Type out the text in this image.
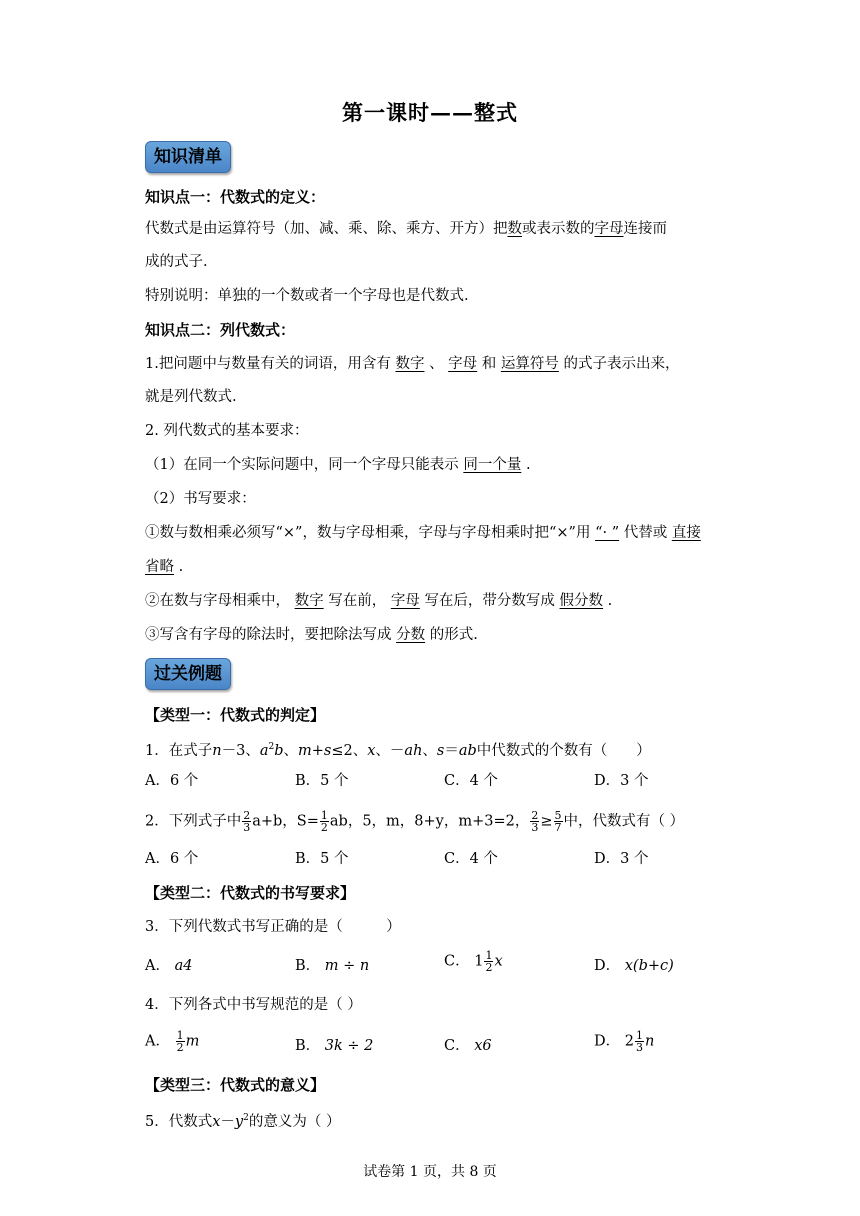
第一课时——整式
知识清单
知识点一：代数式的定义：
代数式是由运算符号（加、减、乘、除、乘方、开方）把数或表示数的字母连接而
成的式子.
特别说明：单独的一个数或者一个字母也是代数式.
知识点二：列代数式：
1.把问题中与数量有关的词语，用含有 数字 、 字母 和 运算符号 的式子表示出来，
就是列代数式.
2. 列代数式的基本要求：
（1）在同一个实际问题中，同一个字母只能表示 同一个量 .
（2）书写要求：
①数与数相乘必须写“×”，数与字母相乘，字母与字母相乘时把“×”用 “· ” 代替或 直接
省略 .
②在数与字母相乘中， 数字 写在前， 字母 写在后，带分数写成 假分数 .
③写含有字母的除法时，要把除法写成 分数 的形式.
过关例题
【类型一：代数式的判定】
1．在式子n－3、$a^2b$、m+s≤2、x、－ah、s＝ab中代数式的个数有（　　）
A．6 个	B．5 个	C．4 个	D．3 个
2．下列式子中 $\frac{2}{3} a+b$，$S= \frac{1}{2}$ ab，5，m，8+y，m+3=2， $\frac{2}{3} \ge \frac{5}{7}$ 中，代数式有（ ）
A．6 个	B．5 个	C．4 个	D．3 个
【类型二：代数式的书写要求】
3．下列代数式书写正确的是（　　　）
A． a4	B． m ÷ n	C． $1 \frac{1}{2}$ x	D． x(b+c)
4．下列各式中书写规范的是（ ）
A． $\frac{1}{2}$ m	B． 3k ÷ 2	C． x6	D． $2 \frac{1}{3}$ n
【类型三：代数式的意义】
5．代数式$x-y^2$的意义为（ ）
试卷第 1 页，共 8 页
